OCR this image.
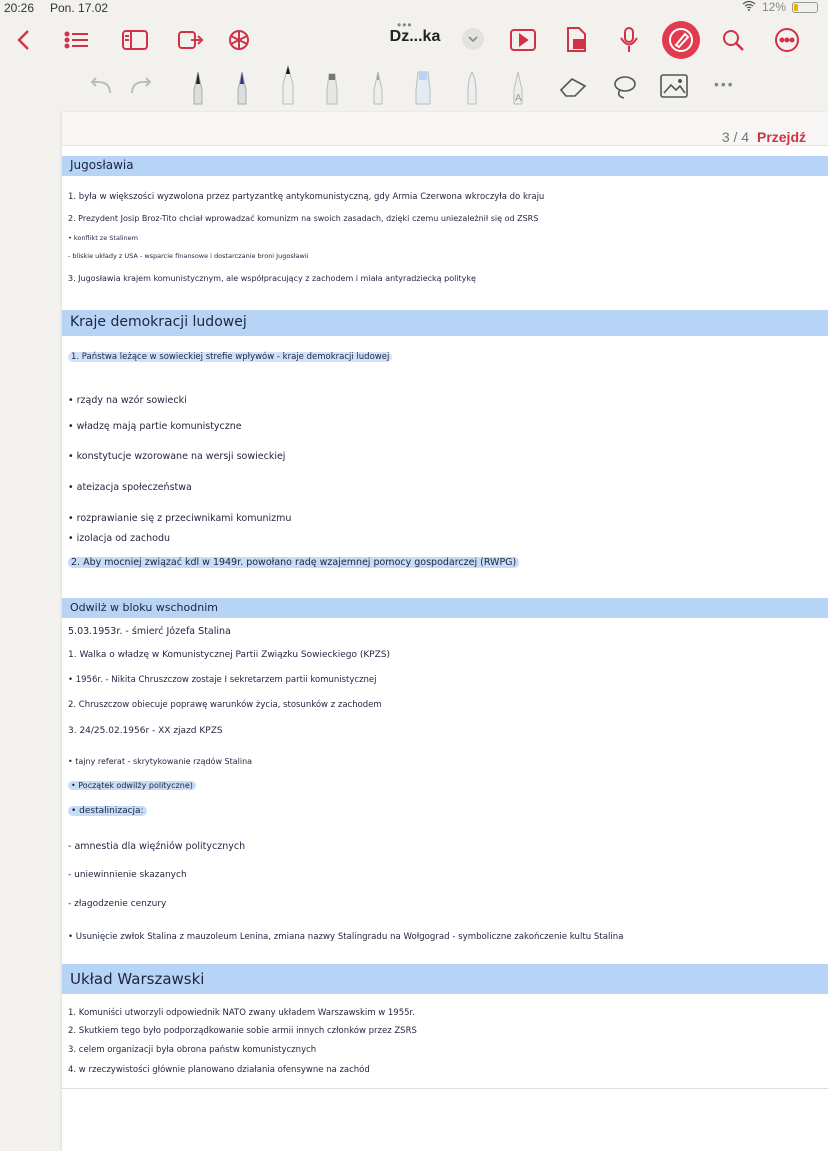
20:26 Pon. 17.02	12%
•••
Dz...ka
A
•••
3 / 4 Przejdź
Jugosławia
1. była w większości wyzwolona przez partyzantkę antykomunistyczną, gdy Armia Czerwona wkroczyła do kraju
2. Prezydent Josip Broz-Tito chciał wprowadzać komunizm na swoich zasadach, dzięki czemu uniezależnił się od ZSRS
• konflikt ze Stalinem
- bliskie układy z USA - wsparcie finansowe i dostarczanie broni Jugosławii
3. Jugosławia krajem komunistycznym, ale współpracujący z zachodem i miała antyradziecką politykę
Kraje demokracji ludowej
1. Państwa leżące w sowieckiej strefie wpływów - kraje demokracji ludowej
• rządy na wzór sowiecki
• władzę mają partie komunistyczne
• konstytucje wzorowane na wersji sowieckiej
• ateizacja społeczeństwa
• rozprawianie się z przeciwnikami komunizmu
• izolacja od zachodu
2. Aby mocniej związać kdl w 1949r. powołano radę wzajemnej pomocy gospodarczej (RWPG)
Odwilż w bloku wschodnim
5.03.1953r. - śmierć Józefa Stalina
1. Walka o władzę w Komunistycznej Partii Związku Sowieckiego (KPZS)
• 1956r. - Nikita Chruszczow zostaje I sekretarzem partii komunistycznej
2. Chruszczow obiecuje poprawę warunków życia, stosunków z zachodem
3. 24/25.02.1956r - XX zjazd KPZS
• tajny referat - skrytykowanie rządów Stalina
• Początek odwilży polityczne)
• destalinizacja:
- amnestia dla więźniów politycznych
- uniewinnienie skazanych
- złagodzenie cenzury
• Usunięcie zwłok Stalina z mauzoleum Lenina, zmiana nazwy Stalingradu na Wołgograd - symboliczne zakończenie kultu Stalina
Układ Warszawski
1. Komuniści utworzyli odpowiednik NATO zwany układem Warszawskim w 1955r.
2. Skutkiem tego było podporządkowanie sobie armii innych członków przez ZSRS
3. celem organizacji była obrona państw komunistycznych
4. w rzeczywistości głównie planowano działania ofensywne na zachód
